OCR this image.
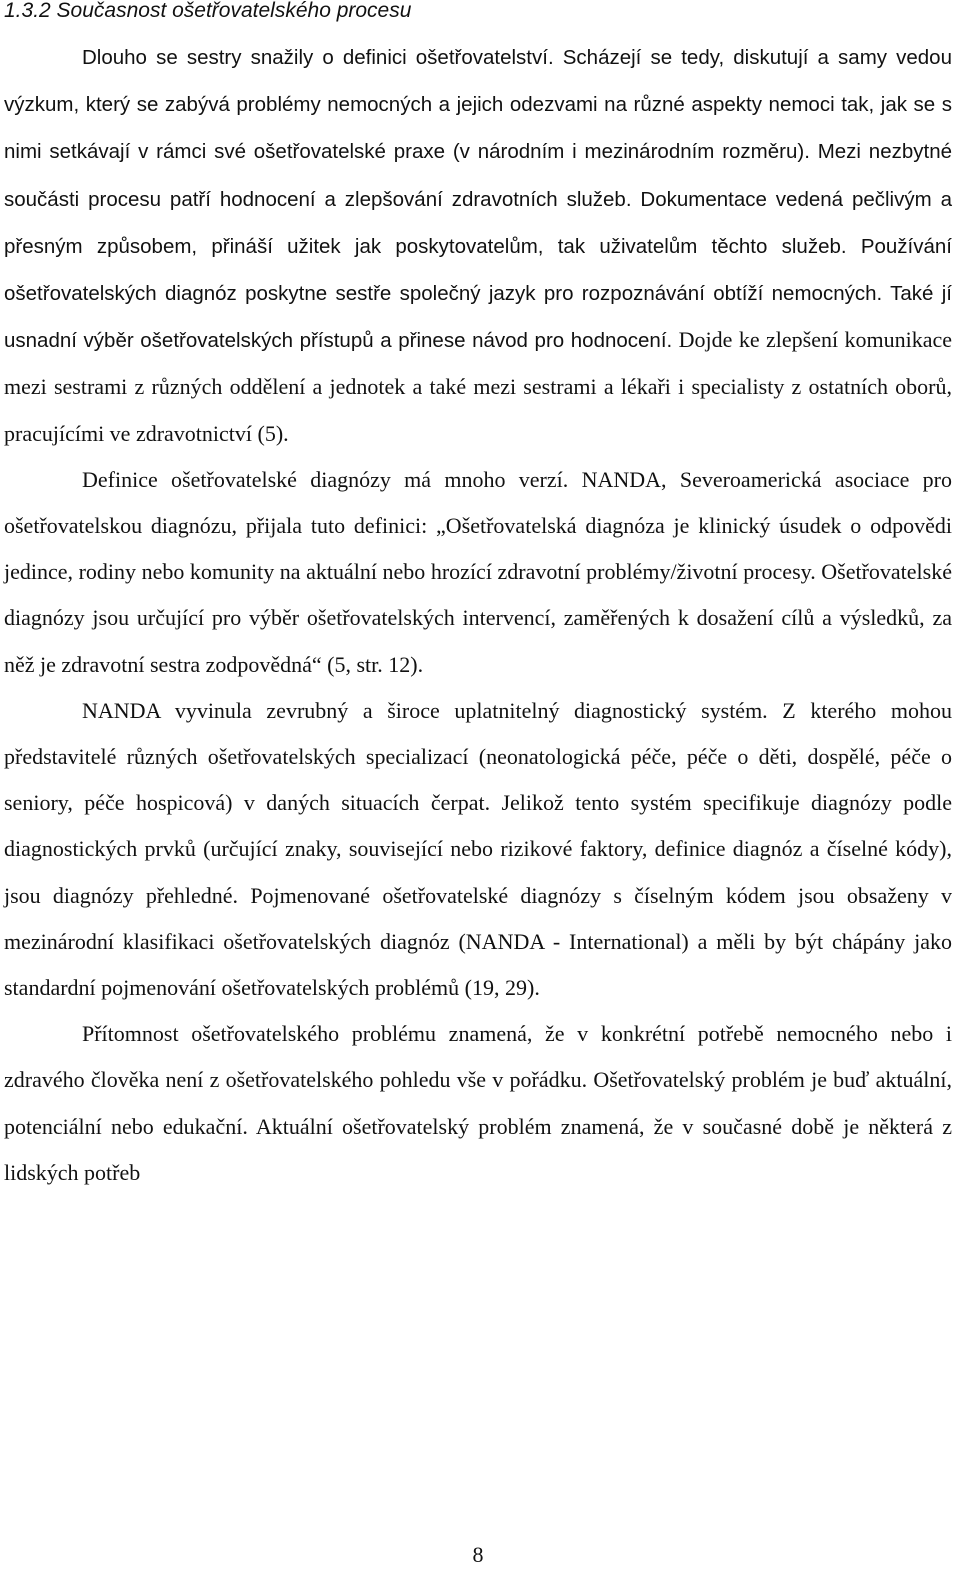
1.3.2 Současnost ošetřovatelského procesu

Dlouho se sestry snažily o definici ošetřovatelství. Scházejí se tedy, diskutují a samy vedou výzkum, který se zabývá problémy nemocných a jejich odezvami na různé aspekty nemoci tak, jak se s nimi setkávají v rámci své ošetřovatelské praxe (v národním i mezinárodním rozměru). Mezi nezbytné součásti procesu patří hodnocení a zlepšování zdravotních služeb. Dokumentace vedená pečlivým a přesným způsobem, přináší užitek jak poskytovatelům, tak uživatelům těchto služeb. Používání ošetřovatelských diagnóz poskytne sestře společný jazyk pro rozpoznávání obtíží nemocných. Také jí usnadní výběr ošetřovatelských přístupů a přinese návod pro hodnocení. Dojde ke zlepšení komunikace mezi sestrami z různých oddělení a jednotek a také mezi sestrami a lékaři i specialisty z ostatních oborů, pracujícími ve zdravotnictví (5).

Definice ošetřovatelské diagnózy má mnoho verzí. NANDA, Severoamerická asociace pro ošetřovatelskou diagnózu, přijala tuto definici: „Ošetřovatelská diagnóza je klinický úsudek o odpovědi jedince, rodiny nebo komunity na aktuální nebo hrozící zdravotní problémy/životní procesy. Ošetřovatelské diagnózy jsou určující pro výběr ošetřovatelských intervencí, zaměřených k dosažení cílů a výsledků, za něž je zdravotní sestra zodpovědná“ (5, str. 12).

NANDA vyvinula zevrubný a široce uplatnitelný diagnostický systém. Z kterého mohou představitelé různých ošetřovatelských specializací (neonatologická péče, péče o děti, dospělé, péče o seniory, péče hospicová) v daných situacích čerpat. Jelikož tento systém specifikuje diagnózy podle diagnostických prvků (určující znaky, související nebo rizikové faktory, definice diagnóz a číselné kódy), jsou diagnózy přehledné. Pojmenované ošetřovatelské diagnózy s číselným kódem jsou obsaženy v mezinárodní klasifikaci ošetřovatelských diagnóz (NANDA - International) a měli by být chápány jako standardní pojmenování ošetřovatelských problémů (19, 29).

Přítomnost ošetřovatelského problému znamená, že v konkrétní potřebě nemocného nebo i zdravého člověka není z ošetřovatelského pohledu vše v pořádku. Ošetřovatelský problém je buď aktuální, potenciální nebo edukační. Aktuální ošetřovatelský problém znamená, že v současné době je některá z lidských potřeb

8
